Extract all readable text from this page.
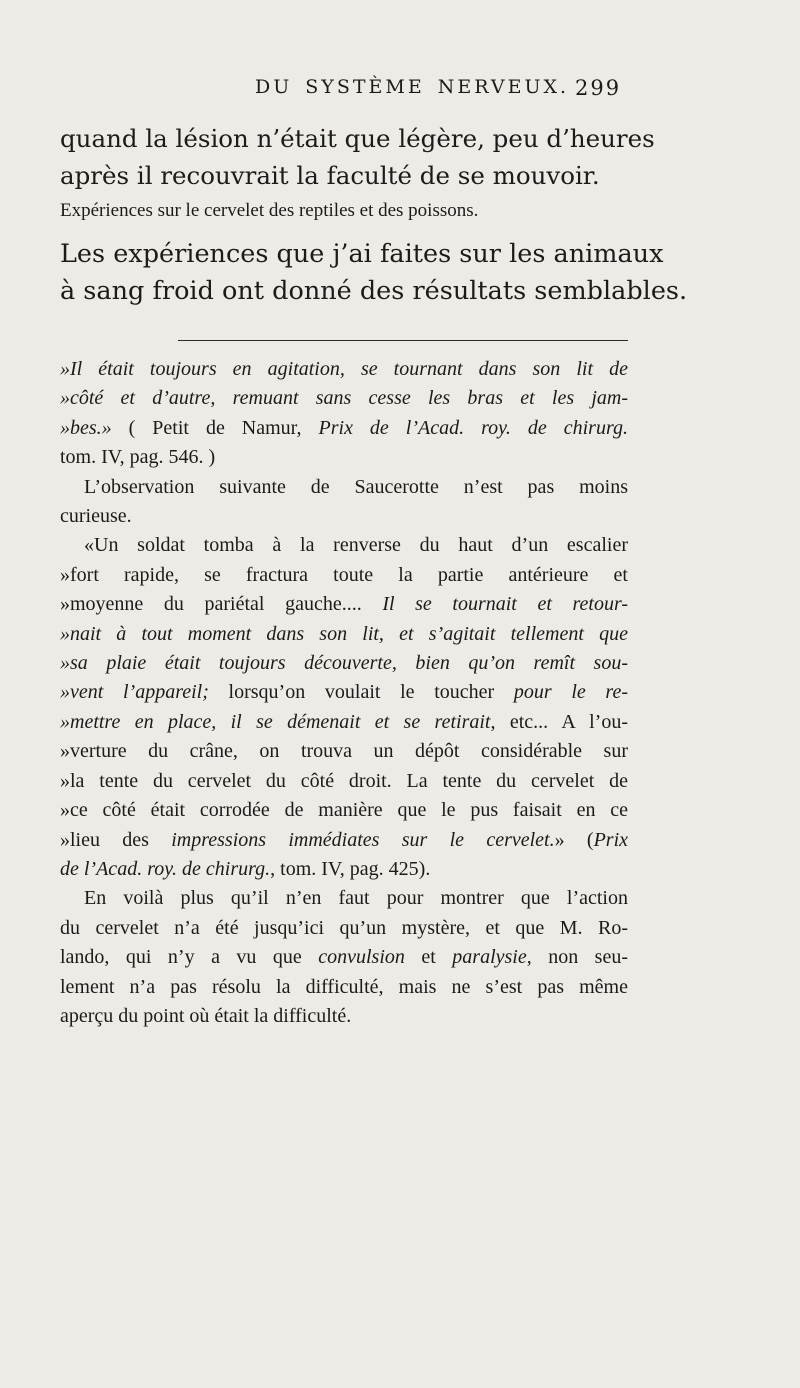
DU SYSTÈME NERVEUX. 299

quand la lésion n’était que légère, peu d’heures

après il recouvrait la faculté de se mouvoir.

Expériences sur le cervelet des reptiles et des poissons.

Les expériences que j’ai faites sur les animaux

à sang froid ont donné des résultats semblables.

»Il était toujours en agitation, se tournant dans son lit de
»côté et d’autre, remuant sans cesse les bras et les jam-
»bes.» ( Petit de Namur, Prix de l’Acad. roy. de chirurg.
tom. IV, pag. 546. )
L’observation suivante de Saucerotte n’est pas moins
curieuse.
«Un soldat tomba à la renverse du haut d’un escalier
»fort rapide, se fractura toute la partie antérieure et
»moyenne du pariétal gauche.... Il se tournait et retour-
»nait à tout moment dans son lit, et s’agitait tellement que
»sa plaie était toujours découverte, bien qu’on remît sou-
»vent l’appareil; lorsqu’on voulait le toucher pour le re-
»mettre en place, il se démenait et se retirait, etc... A l’ou-
»verture du crâne, on trouva un dépôt considérable sur
»la tente du cervelet du côté droit. La tente du cervelet de
»ce côté était corrodée de manière que le pus faisait en ce
»lieu des impressions immédiates sur le cervelet.» (Prix
de l’Acad. roy. de chirurg., tom. IV, pag. 425).
En voilà plus qu’il n’en faut pour montrer que l’action
du cervelet n’a été jusqu’ici qu’un mystère, et que M. Ro-
lando, qui n’y a vu que convulsion et paralysie, non seu-
lement n’a pas résolu la difficulté, mais ne s’est pas même
aperçu du point où était la difficulté.
